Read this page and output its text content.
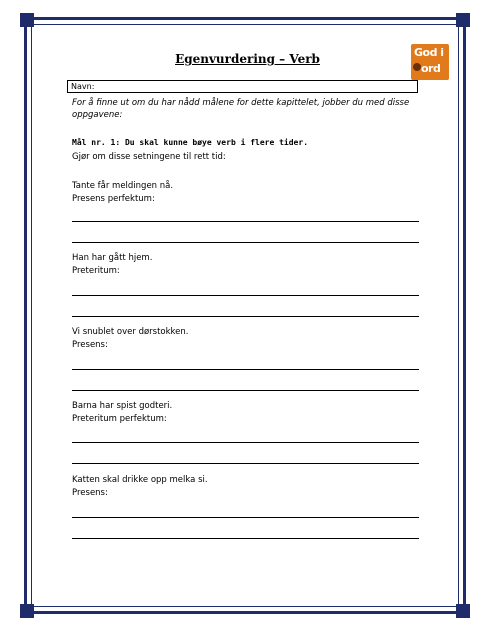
Egenvurdering – Verb	God i
ord
Navn:
For å finne ut om du har nådd målene for dette kapittelet, jobber du med disse oppgavene:
Mål nr. 1: Du skal kunne bøye verb i flere tider.
Gjør om disse setningene til rett tid:
Tante får meldingen nå.
Presens perfektum:
Han har gått hjem.
Preteritum:
Vi snublet over dørstokken.
Presens:
Barna har spist godteri.
Preteritum perfektum:
Katten skal drikke opp melka si.
Presens:
